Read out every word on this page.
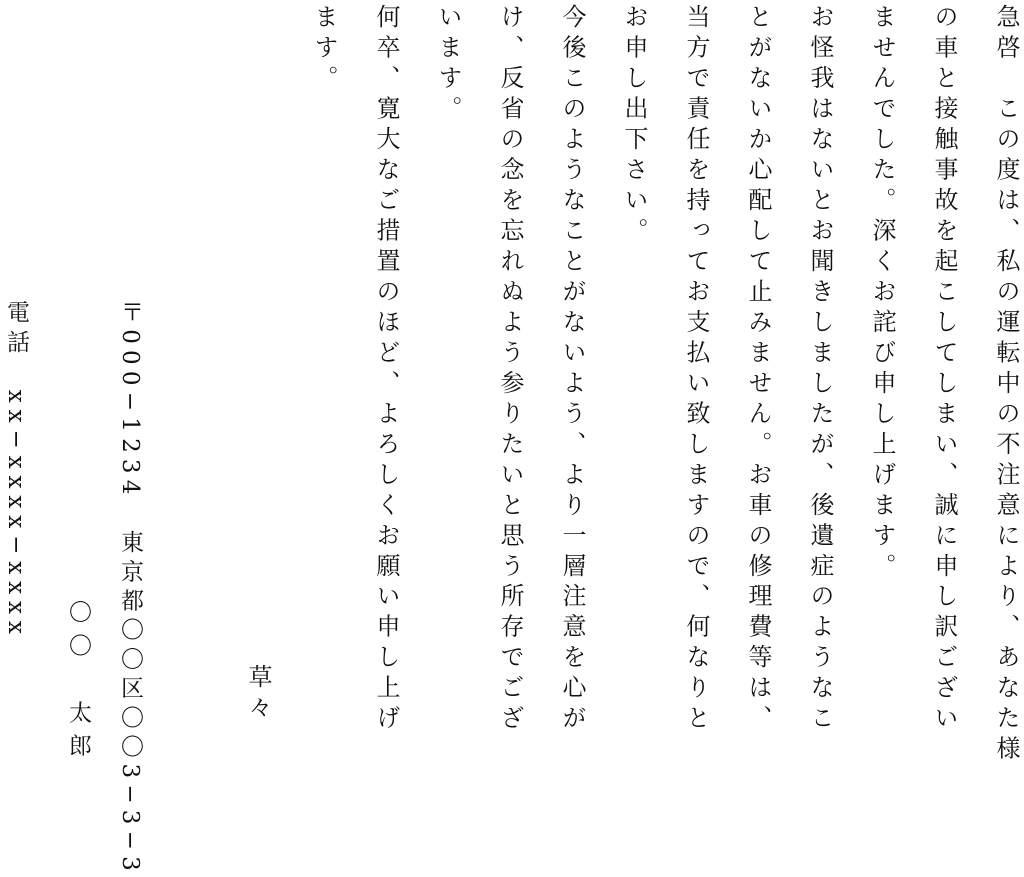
急啓　この度は、私の運転中の不注意により、あなた様
の車と接触事故を起こしてしまい、誠に申し訳ござい
ませんでした。深くお詫び申し上げます。
お怪我はないとお聞きしましたが、後遺症のようなこ
とがないか心配して止みません。お車の修理費等は、
当方で責任を持ってお支払い致しますので、何なりと
お申し出下さい。
今後このようなことがないよう、より一層注意を心が
け、反省の念を忘れぬよう参りたいと思う所存でござ
います。
何卒、寛大なご措置のほど、よろしくお願い申し上げ
ます。
草々
〒000−1234　東京都〇〇区〇〇3−3−3
〇〇　太郎
電話　xx−xxxx−xxxx
